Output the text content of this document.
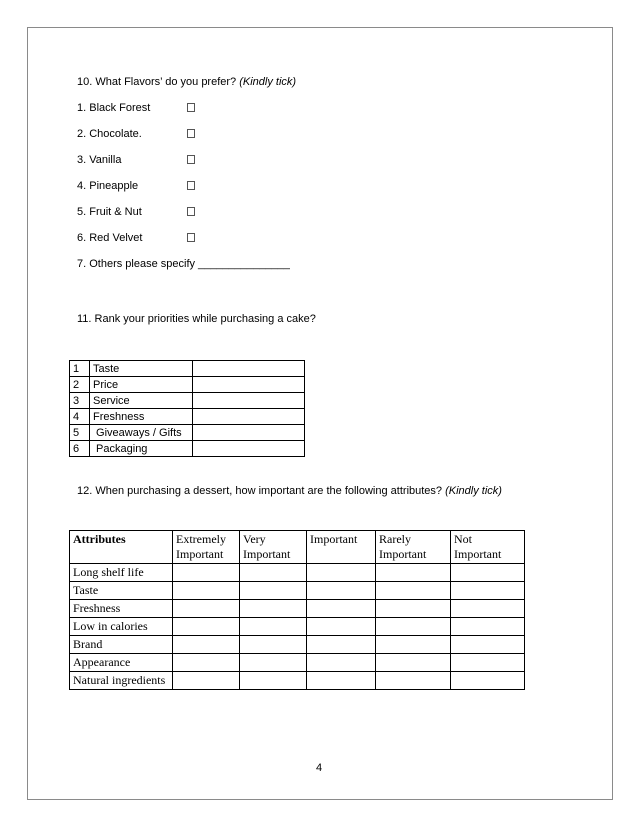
10. What Flavors’ do you prefer? (Kindly tick)
1. Black Forest
2. Chocolate.
3. Vanilla
4. Pineapple
5. Fruit & Nut
6. Red Velvet
7. Others please specify _______________
11. Rank your priorities while purchasing a cake?
1	Taste	
2	Price	
3	Service	
4	Freshness	
5	Giveaways / Gifts	
6	Packaging	
12. When purchasing a dessert, how important are the following attributes? (Kindly tick)
Attributes	Extremely Important	Very Important	Important	Rarely Important	Not Important
Long shelf life					
Taste					
Freshness					
Low in calories					
Brand					
Appearance					
Natural ingredients					
4
